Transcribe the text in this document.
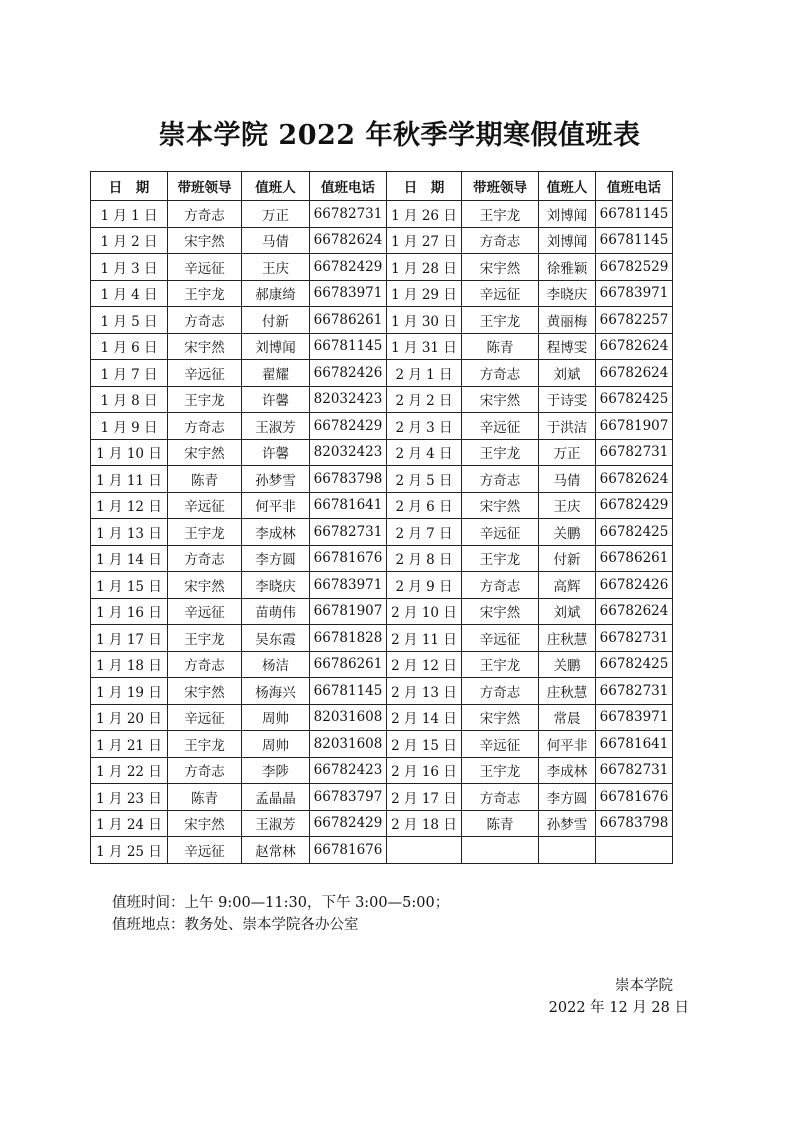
崇本学院 2022 年秋季学期寒假值班表
日　期	带班领导	值班人	值班电话	日　期	带班领导	值班人	值班电话
1 月 1 日	方奇志	万正	66782731	1 月 26 日	王宇龙	刘博闻	66781145
1 月 2 日	宋宇然	马倩	66782624	1 月 27 日	方奇志	刘博闻	66781145
1 月 3 日	辛远征	王庆	66782429	1 月 28 日	宋宇然	徐雅颖	66782529
1 月 4 日	王宇龙	郝康绮	66783971	1 月 29 日	辛远征	李晓庆	66783971
1 月 5 日	方奇志	付新	66786261	1 月 30 日	王宇龙	黄丽梅	66782257
1 月 6 日	宋宇然	刘博闻	66781145	1 月 31 日	陈青	程博雯	66782624
1 月 7 日	辛远征	翟耀	66782426	2 月 1 日	方奇志	刘斌	66782624
1 月 8 日	王宇龙	许馨	82032423	2 月 2 日	宋宇然	于诗雯	66782425
1 月 9 日	方奇志	王淑芳	66782429	2 月 3 日	辛远征	于洪洁	66781907
1 月 10 日	宋宇然	许馨	82032423	2 月 4 日	王宇龙	万正	66782731
1 月 11 日	陈青	孙梦雪	66783798	2 月 5 日	方奇志	马倩	66782624
1 月 12 日	辛远征	何平非	66781641	2 月 6 日	宋宇然	王庆	66782429
1 月 13 日	王宇龙	李成林	66782731	2 月 7 日	辛远征	关鹏	66782425
1 月 14 日	方奇志	李方圆	66781676	2 月 8 日	王宇龙	付新	66786261
1 月 15 日	宋宇然	李晓庆	66783971	2 月 9 日	方奇志	高辉	66782426
1 月 16 日	辛远征	苗萌伟	66781907	2 月 10 日	宋宇然	刘斌	66782624
1 月 17 日	王宇龙	吴东霞	66781828	2 月 11 日	辛远征	庄秋慧	66782731
1 月 18 日	方奇志	杨洁	66786261	2 月 12 日	王宇龙	关鹏	66782425
1 月 19 日	宋宇然	杨海兴	66781145	2 月 13 日	方奇志	庄秋慧	66782731
1 月 20 日	辛远征	周帅	82031608	2 月 14 日	宋宇然	常晨	66783971
1 月 21 日	王宇龙	周帅	82031608	2 月 15 日	辛远征	何平非	66781641
1 月 22 日	方奇志	李陟	66782423	2 月 16 日	王宇龙	李成林	66782731
1 月 23 日	陈青	孟晶晶	66783797	2 月 17 日	方奇志	李方圆	66781676
1 月 24 日	宋宇然	王淑芳	66782429	2 月 18 日	陈青	孙梦雪	66783798
1 月 25 日	辛远征	赵常林	66781676				
值班时间：上午 9:00—11:30，下午 3:00—5:00；
值班地点：教务处、崇本学院各办公室
崇本学院
2022 年 12 月 28 日
